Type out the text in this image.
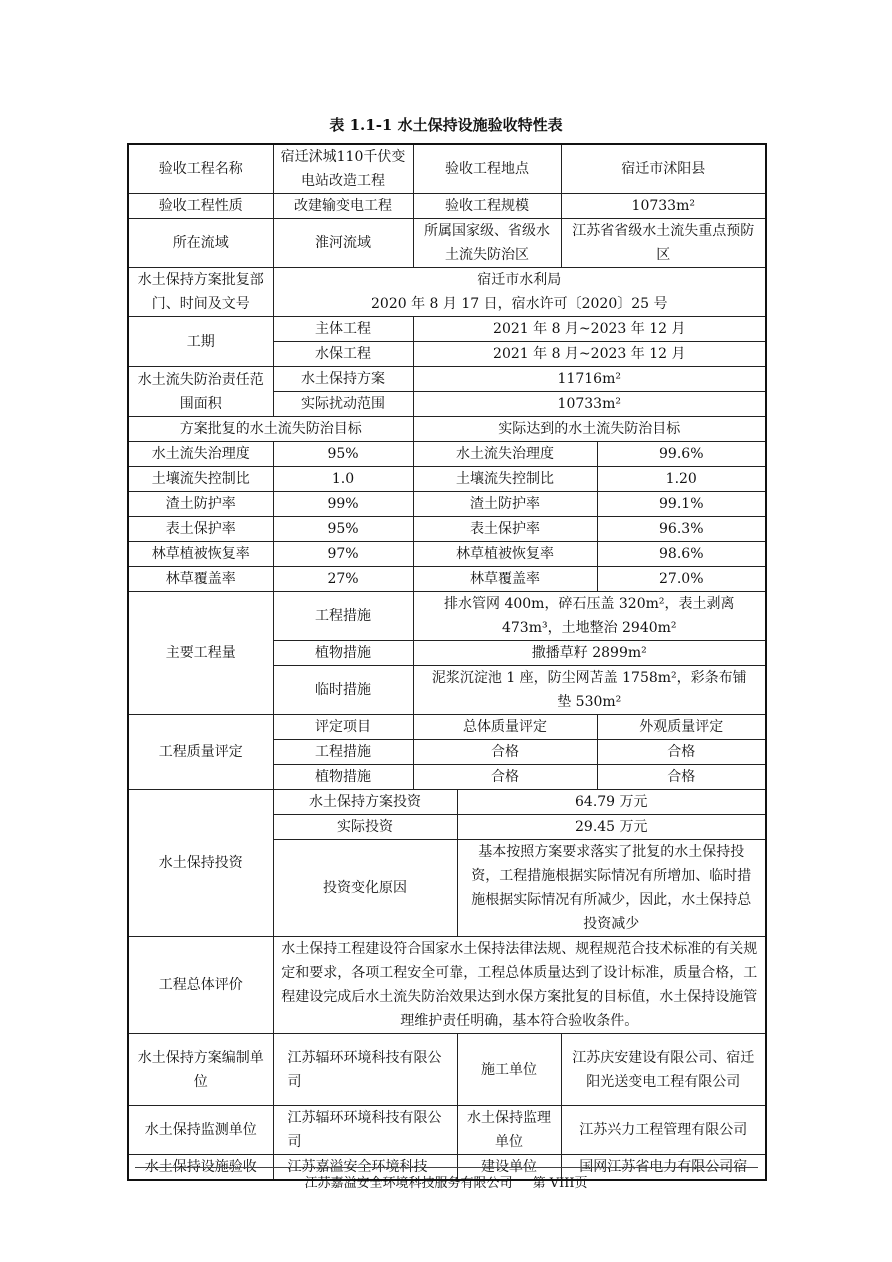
表 1.1-1 水土保持设施验收特性表
验收工程名称	宿迁沭城110千伏变电站改造工程	验收工程地点		宿迁市沭阳县	
验收工程性质	改建输变电工程	验收工程规模		10733m²	
所在流域	淮河流域	所属国家级、省级水土流失防治区		江苏省省级水土流失重点预防区	
水土保持方案批复部门、时间及文号	宿迁市水利局
2020 年 8 月 17 日，宿水许可〔2020〕25 号				

工期	主体工程	2021 年 8 月~2023 年 12 月			
	水保工程	2021 年 8 月~2023 年 12 月			
水土流失防治责任范围面积	水土保持方案	11716m²			
	实际扰动范围	10733m²			
方案批复的水土流失防治目标		实际达到的水土流失防治目标			
水土流失治理度	95%	水土流失治理度			99.6%
土壤流失控制比	1.0	土壤流失控制比			1.20
渣土防护率	99%	渣土防护率			99.1%
表土保护率	95%	表土保护率			96.3%
林草植被恢复率	97%	林草植被恢复率			98.6%
林草覆盖率	27%	林草覆盖率			27.0%
主要工程量	工程措施	排水管网 400m，碎石压盖 320m²，表土剥离
473m³，土地整治 2940m²			

	植物措施	撒播草籽 2899m²			
	临时措施	泥浆沉淀池 1 座，防尘网苫盖 1758m²，彩条布铺
垫 530m²			

工程质量评定	评定项目	总体质量评定			外观质量评定
	工程措施	合格			合格
	植物措施	合格			合格
水土保持投资	水土保持方案投资		64.79 万元		
	实际投资		29.45 万元		
	投资变化原因		基本按照方案要求落实了批复的水土保持投资，工程措施根据实际情况有所增加、临时措施根据实际情况有所减少，因此，水土保持总投资减少		
工程总体评价	水土保持工程建设符合国家水土保持法律法规、规程规范合技术标准的有关规定和要求，各项工程安全可靠，工程总体质量达到了设计标准，质量合格，工程建设完成后水土流失防治效果达到水保方案批复的目标值，水土保持设施管理维护责任明确，基本符合验收条件。				
水土保持方案编制单位	江苏辐环环境科技有限公司		施工单位	江苏庆安建设有限公司、宿迁阳光送变电工程有限公司	
水土保持监测单位	江苏辐环环境科技有限公司		水土保持监理单位	江苏兴力工程管理有限公司	
水土保持设施验收	江苏嘉溢安全环境科技		建设单位	国网江苏省电力有限公司宿	
江苏嘉溢安全环境科技服务有限公司 第 VIII页
